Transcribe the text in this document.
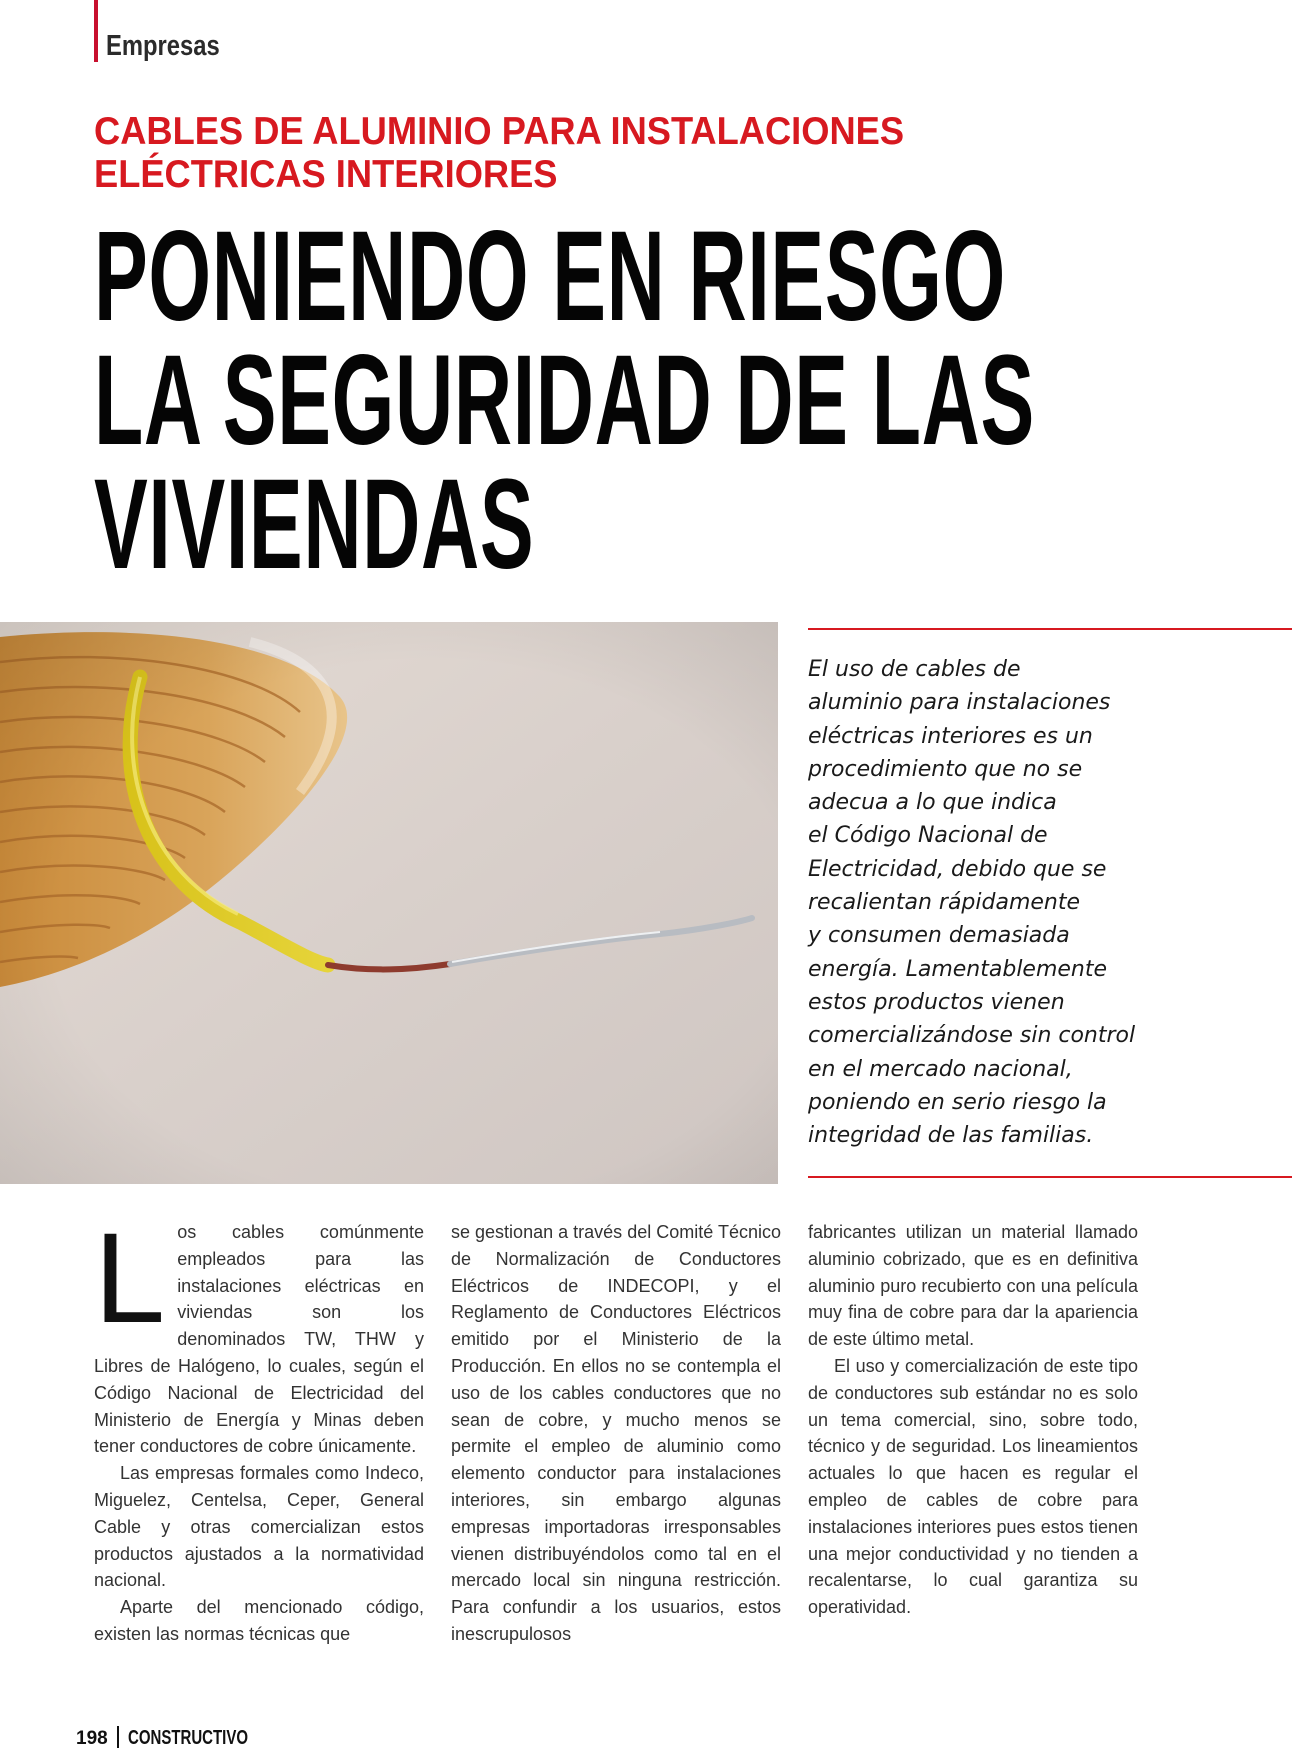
Empresas
CABLES DE ALUMINIO PARA INSTALACIONES
ELÉCTRICAS INTERIORES
PONIENDO EN RIESGO
LA SEGURIDAD DE LAS
VIVIENDAS
El uso de cables de
aluminio para instalaciones
eléctricas interiores es un
procedimiento que no se
adecua a lo que indica
el Código Nacional de
Electricidad, debido que se
recalientan rápidamente
y consumen demasiada
energía. Lamentablemente
estos productos vienen
comercializándose sin control
en el mercado nacional,
poniendo en serio riesgo la
integridad de las familias.

Los cables comúnmente empleados para las instalaciones eléctricas en viviendas son los denominados TW, THW y Libres de Halógeno, lo cuales, según el Código Nacional de Electricidad del Ministerio de Energía y Minas deben tener conductores de cobre únicamente.

Las empresas formales como Indeco, Miguelez, Centelsa, Ceper, General Cable y otras comercializan estos productos ajustados a la normatividad nacional.

Aparte del mencionado código, existen las normas técnicas que

se gestionan a través del Comité Técnico de Normalización de Conductores Eléctricos de INDECOPI, y el Reglamento de Conductores Eléctricos emitido por el Ministerio de la Producción. En ellos no se contempla el uso de los cables conductores que no sean de cobre, y mucho menos se permite el empleo de aluminio como elemento conductor para instalaciones interiores, sin embargo algunas empresas importadoras irresponsables vienen distribuyéndolos como tal en el mercado local sin ninguna restricción. Para confundir a los usuarios, estos inescrupulosos

fabricantes utilizan un material llamado aluminio cobrizado, que es en definitiva aluminio puro recubierto con una película muy fina de cobre para dar la apariencia de este último metal.

El uso y comercialización de este tipo de conductores sub estándar no es solo un tema comercial, sino, sobre todo, técnico y de seguridad. Los lineamientos actuales lo que hacen es regular el empleo de cables de cobre para instalaciones interiores pues estos tienen una mejor conductividad y no tienden a recalentarse, lo cual garantiza su operatividad.

198 CONSTRUCTIVO
